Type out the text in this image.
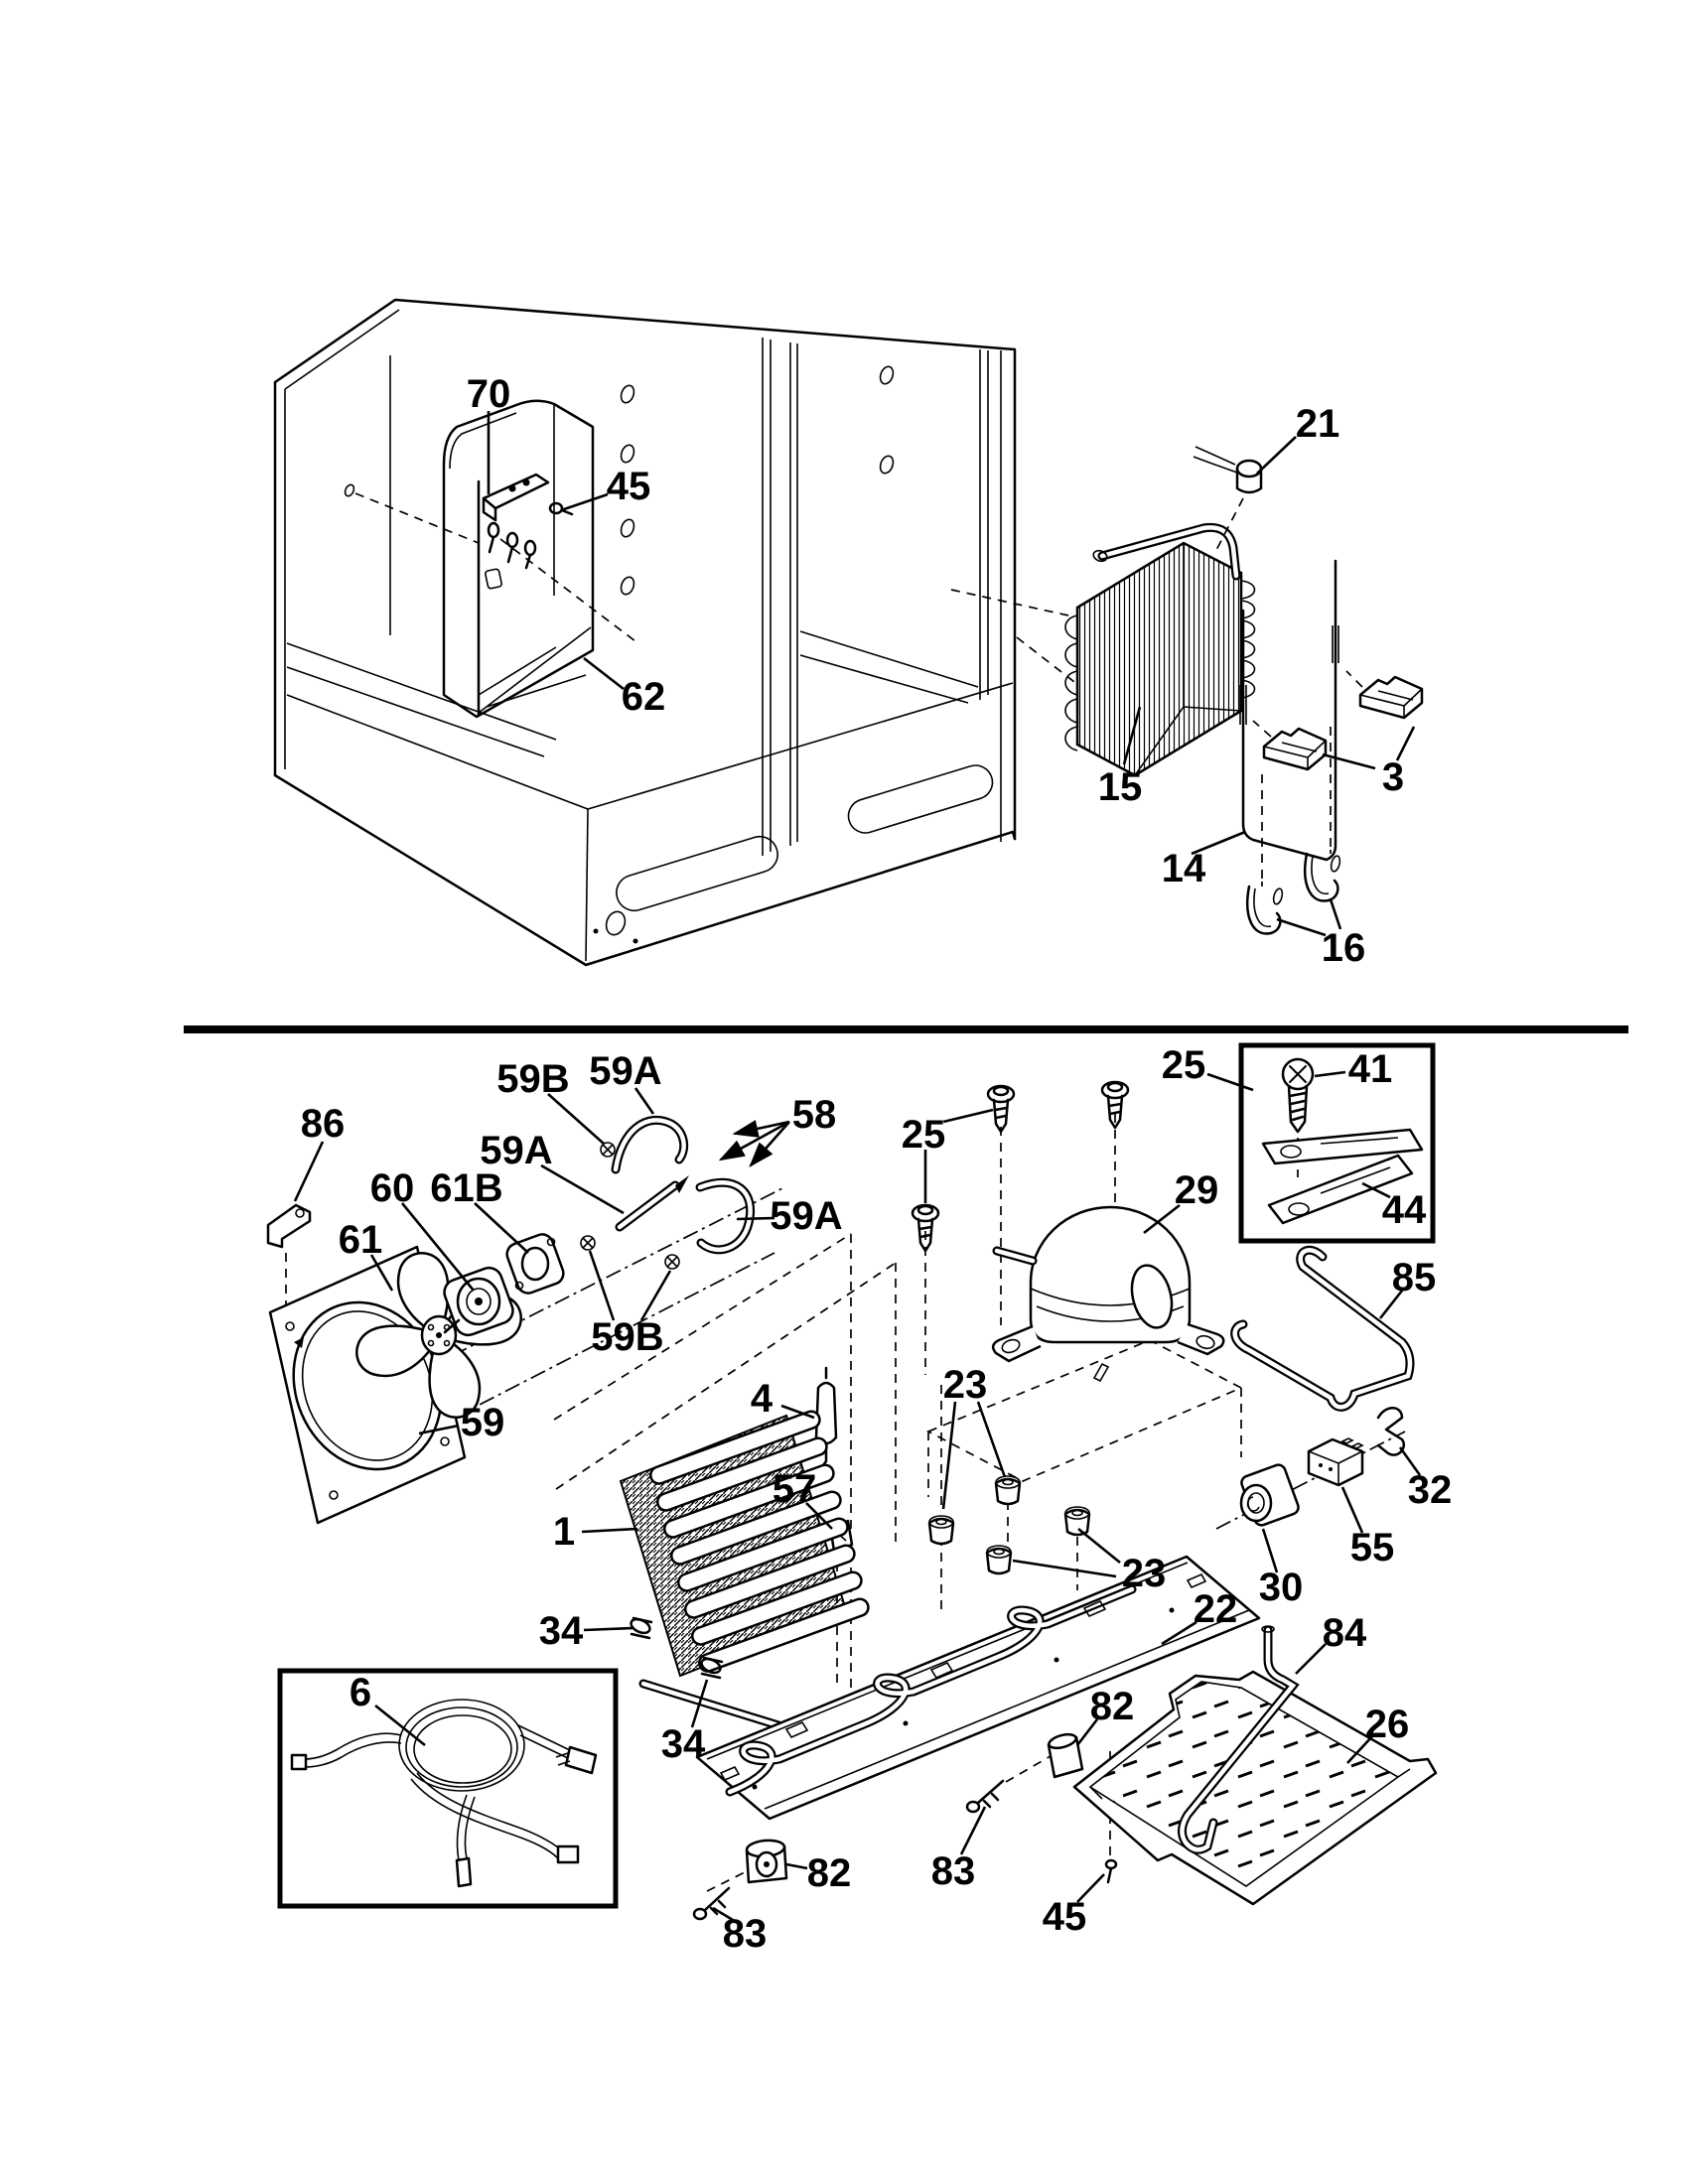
70
45
62
21
15
14
3
16
86
59B 59A
58
59A
60 61B
61
59A
59B
59
25
25
29
41
44
85
4
1
57
23
23 30
55
32
22
34
34
84
26
82
82 83
83	45
6
